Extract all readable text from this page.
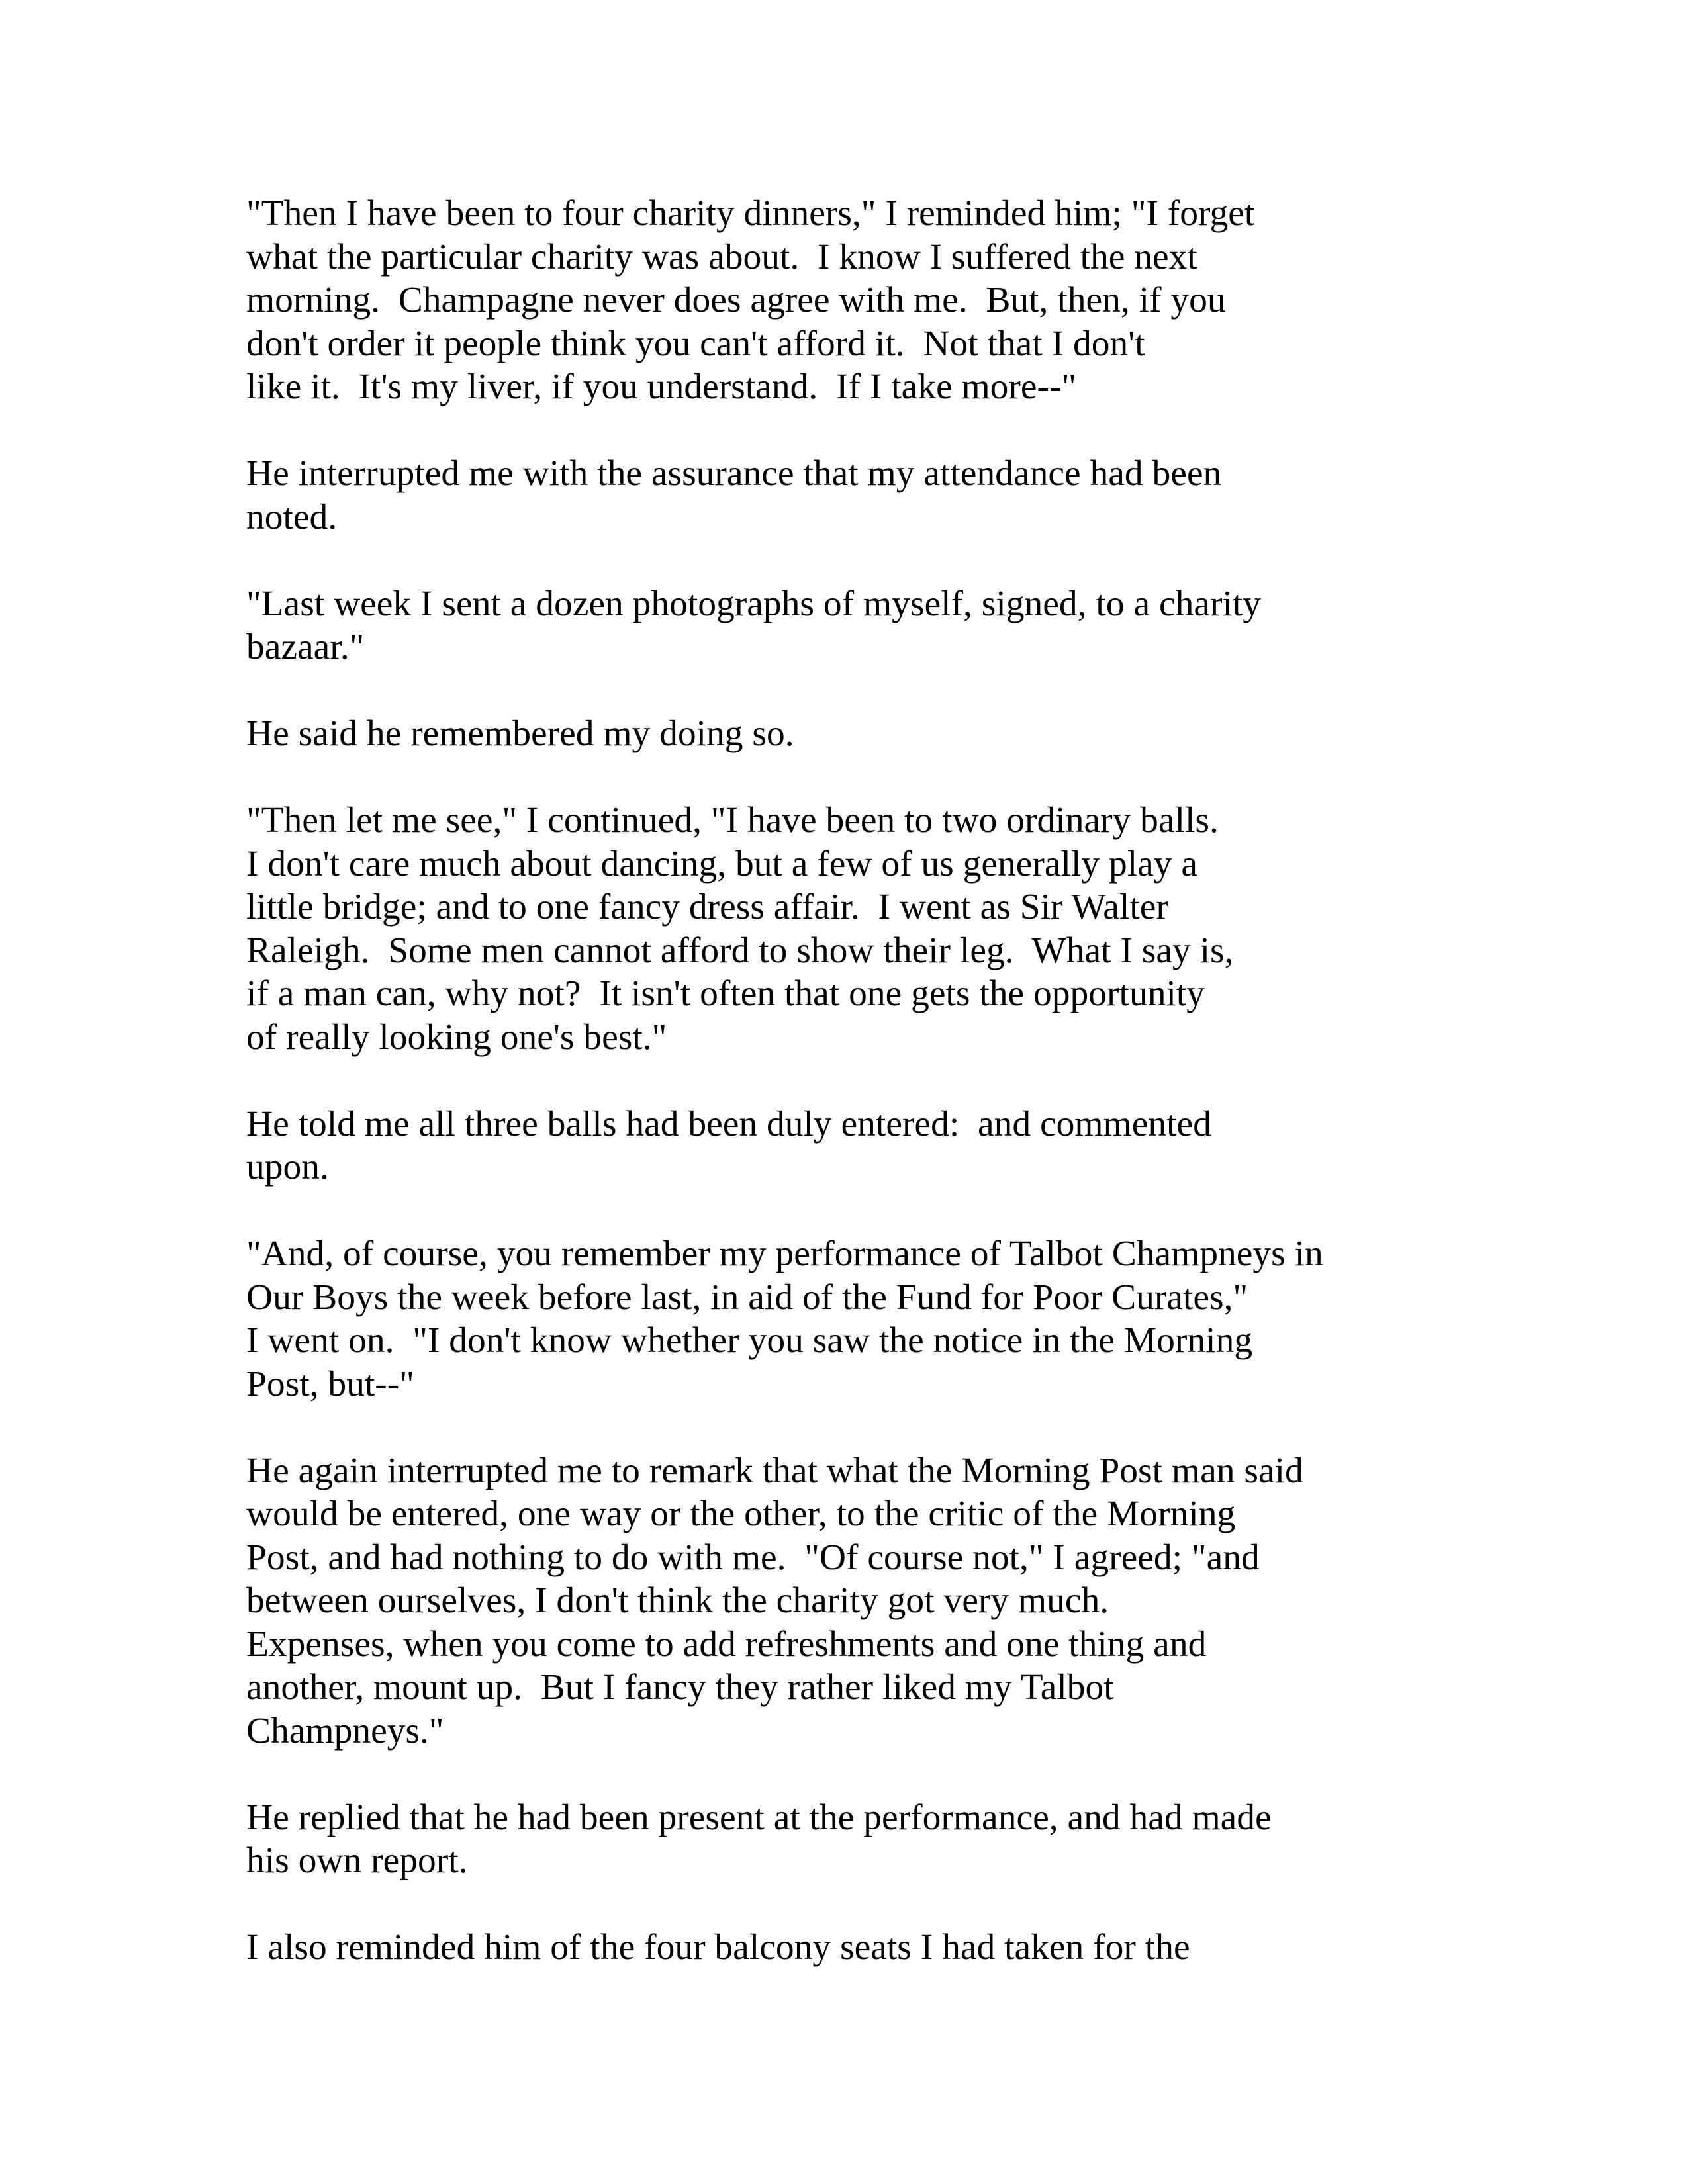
"Then I have been to four charity dinners," I reminded him; "I forget
what the particular charity was about.  I know I suffered the next
morning.  Champagne never does agree with me.  But, then, if you
don't order it people think you can't afford it.  Not that I don't
like it.  It's my liver, if you understand.  If I take more--"

He interrupted me with the assurance that my attendance had been
noted.

"Last week I sent a dozen photographs of myself, signed, to a charity
bazaar."

He said he remembered my doing so.

"Then let me see," I continued, "I have been to two ordinary balls.
I don't care much about dancing, but a few of us generally play a
little bridge; and to one fancy dress affair.  I went as Sir Walter
Raleigh.  Some men cannot afford to show their leg.  What I say is,
if a man can, why not?  It isn't often that one gets the opportunity
of really looking one's best."

He told me all three balls had been duly entered:  and commented
upon.

"And, of course, you remember my performance of Talbot Champneys in
Our Boys the week before last, in aid of the Fund for Poor Curates,"
I went on.  "I don't know whether you saw the notice in the Morning
Post, but--"

He again interrupted me to remark that what the Morning Post man said
would be entered, one way or the other, to the critic of the Morning
Post, and had nothing to do with me.  "Of course not," I agreed; "and
between ourselves, I don't think the charity got very much.
Expenses, when you come to add refreshments and one thing and
another, mount up.  But I fancy they rather liked my Talbot
Champneys."

He replied that he had been present at the performance, and had made
his own report.

I also reminded him of the four balcony seats I had taken for the
